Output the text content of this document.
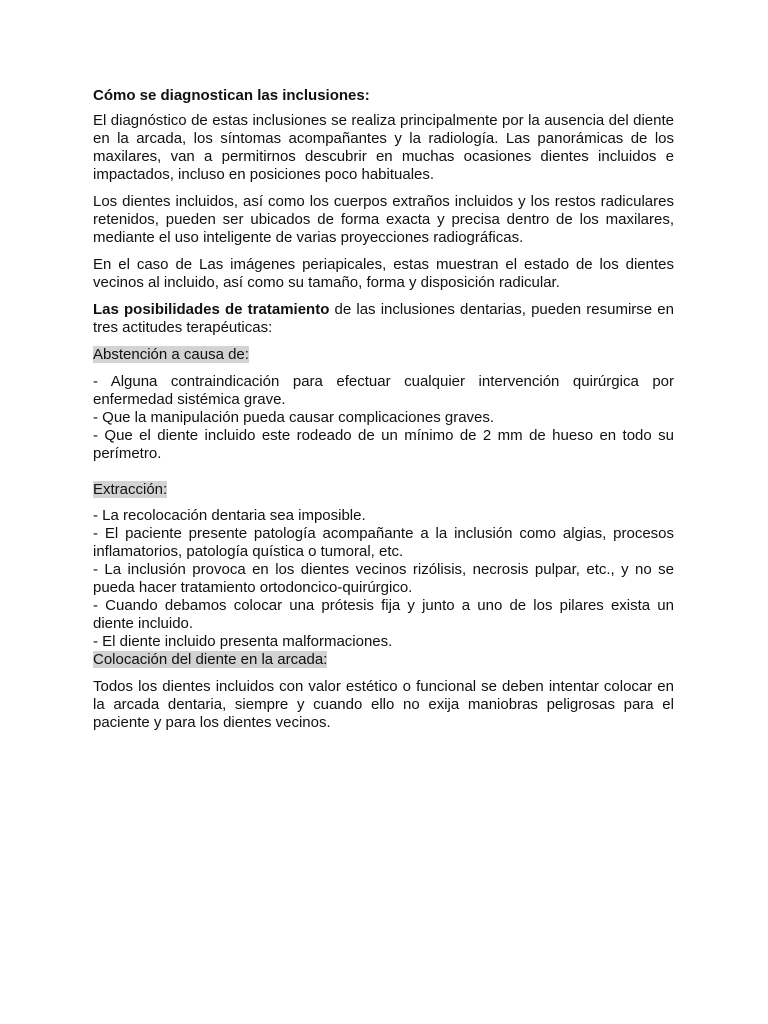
Cómo se diagnostican las inclusiones:

El diagnóstico de estas inclusiones se realiza principalmente por la ausencia del diente en la arcada, los síntomas acompañantes y la radiología. Las panorámicas de los maxilares, van a permitirnos descubrir en muchas ocasiones dientes incluidos e impactados, incluso en posiciones poco habituales.

Los dientes incluidos, así como los cuerpos extraños incluidos y los restos radiculares retenidos, pueden ser ubicados de forma exacta y precisa dentro de los maxilares, mediante el uso inteligente de varias proyecciones radiográficas.

En el caso de Las imágenes periapicales, estas muestran el estado de los dientes vecinos al incluido, así como su tamaño, forma y disposición radicular.

Las posibilidades de tratamiento de las inclusiones dentarias, pueden resumirse en tres actitudes terapéuticas:

Abstención a causa de:

- Alguna contraindicación para efectuar cualquier intervención quirúrgica por enfermedad sistémica grave.
- Que la manipulación pueda causar complicaciones graves.
- Que el diente incluido este rodeado de un mínimo de 2 mm de hueso en todo su perímetro.

Extracción:

- La recolocación dentaria sea imposible.
- El paciente presente patología acompañante a la inclusión como algias, procesos inflamatorios, patología quística o tumoral, etc.
- La inclusión provoca en los dientes vecinos rizólisis, necrosis pulpar, etc., y no se pueda hacer tratamiento ortodoncico-quirúrgico.
- Cuando debamos colocar una prótesis fija y junto a uno de los pilares exista un diente incluido.
- El diente incluido presenta malformaciones.

Colocación del diente en la arcada:

Todos los dientes incluidos con valor estético o funcional se deben intentar colocar en la arcada dentaria, siempre y cuando ello no exija maniobras peligrosas para el paciente y para los dientes vecinos.
